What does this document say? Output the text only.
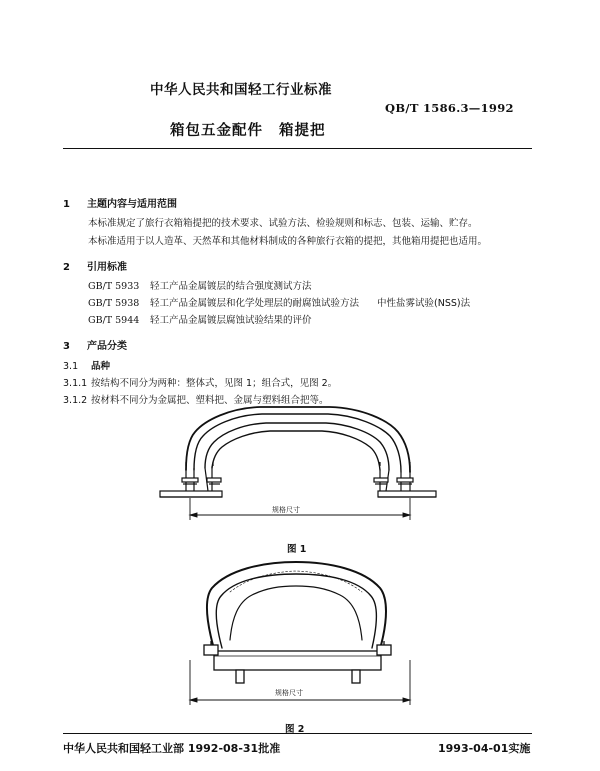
中华人民共和国轻工行业标准
QB/T 1586.3—1992
箱包五金配件 箱提把
1 主题内容与适用范围
本标准规定了旅行衣箱箱提把的技术要求、试验方法、检验规则和标志、包装、运输、贮存。
本标准适用于以人造革、天然革和其他材料制成的各种旅行衣箱的提把，其他箱用提把也适用。
2 引用标准
GB/T 5933 轻工产品金属镀层的结合强度测试方法
GB/T 5938 轻工产品金属镀层和化学处理层的耐腐蚀试验方法 中性盐雾试验(NSS)法
GB/T 5944 轻工产品金属镀层腐蚀试验结果的评价
3 产品分类
3.1 品种
3.1.1 按结构不同分为两种：整体式，见图 1；组合式，见图 2。
3.1.2 按材料不同分为金属把、塑料把、金属与塑料组合把等。
规格尺寸
图 1
规格尺寸
图 2
中华人民共和国轻工业部 1992-08-31批准	1993-04-01实施
